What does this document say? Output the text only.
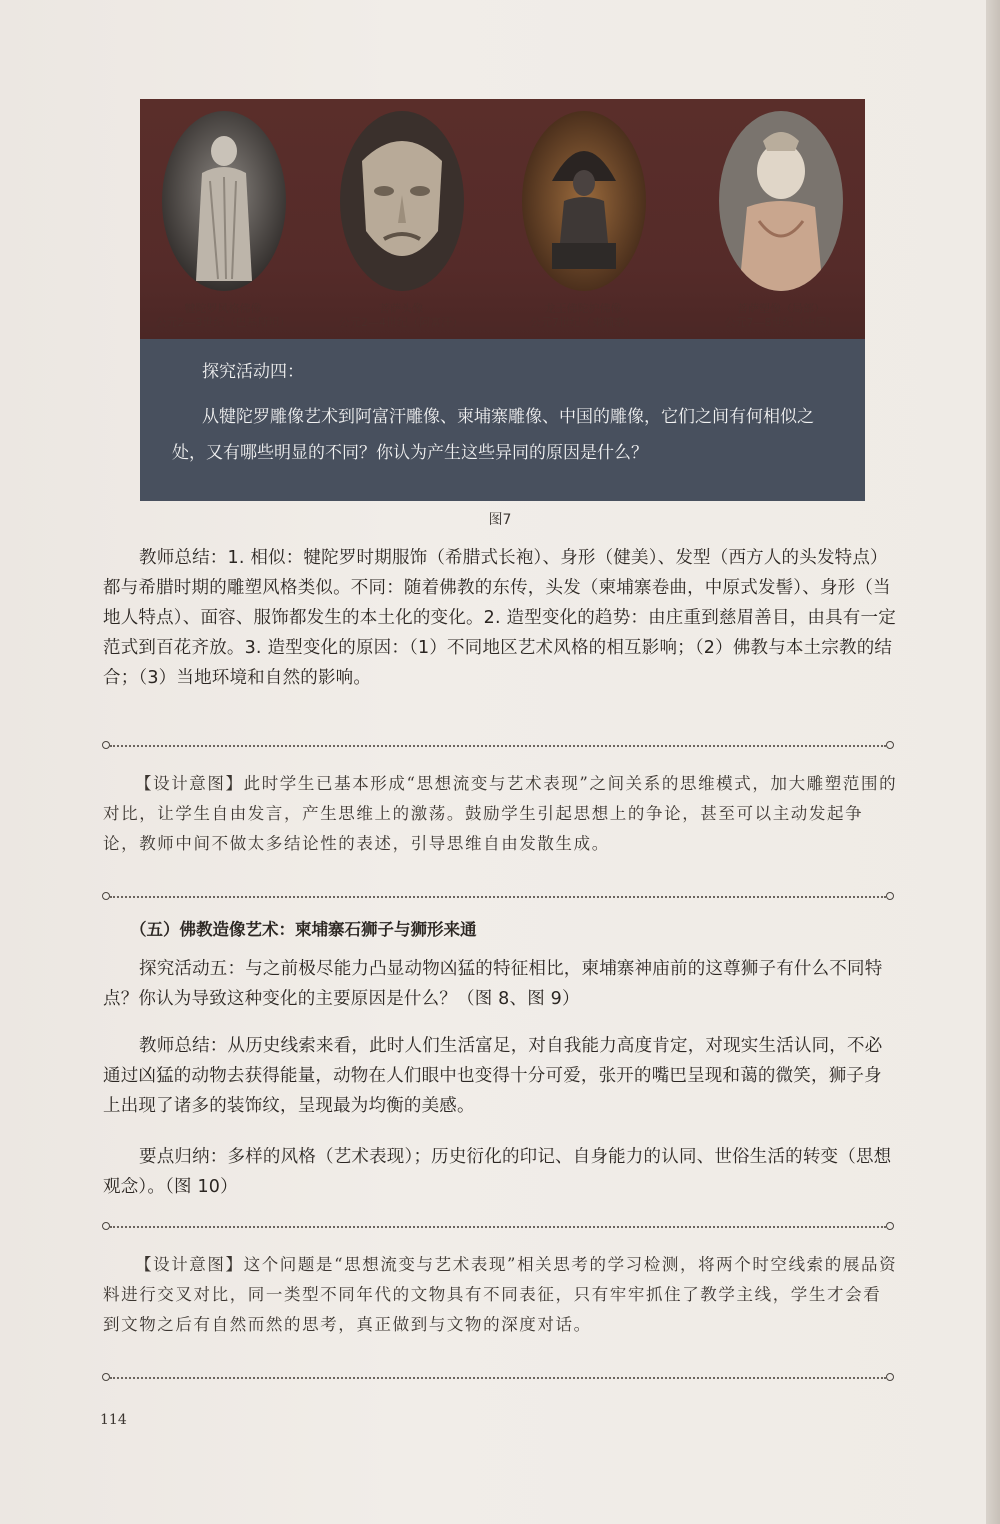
犍陀罗风格佛像
公元2—3世纪（巴基斯坦）
菩萨头像
公元2—4世纪（阿富汗）
龙王佛陀护佛像
公元7世纪（柬埔寨）
菩萨塑像（局部）
公元7—8世纪（中国）
探究活动四：
从犍陀罗雕像艺术到阿富汗雕像、柬埔寨雕像、中国的雕像，它们之间有何相似之处，又有哪些明显的不同？你认为产生这些异同的原因是什么？
图7
教师总结：1. 相似：犍陀罗时期服饰（希腊式长袍）、身形（健美）、发型（西方人的头发特点）都与希腊时期的雕塑风格类似。不同：随着佛教的东传，头发（柬埔寨卷曲，中原式发髻）、身形（当地人特点）、面容、服饰都发生的本土化的变化。2. 造型变化的趋势：由庄重到慈眉善目，由具有一定范式到百花齐放。3. 造型变化的原因：（1）不同地区艺术风格的相互影响；（2）佛教与本土宗教的结合；（3）当地环境和自然的影响。
【设计意图】此时学生已基本形成“思想流变与艺术表现”之间关系的思维模式，加大雕塑范围的对比，让学生自由发言，产生思维上的激荡。鼓励学生引起思想上的争论，甚至可以主动发起争论，教师中间不做太多结论性的表述，引导思维自由发散生成。
（五）佛教造像艺术：柬埔寨石狮子与狮形来通
探究活动五：与之前极尽能力凸显动物凶猛的特征相比，柬埔寨神庙前的这尊狮子有什么不同特点？你认为导致这种变化的主要原因是什么？（图 8、图 9）
教师总结：从历史线索来看，此时人们生活富足，对自我能力高度肯定，对现实生活认同，不必通过凶猛的动物去获得能量，动物在人们眼中也变得十分可爱，张开的嘴巴呈现和蔼的微笑，狮子身上出现了诸多的装饰纹，呈现最为均衡的美感。
要点归纳：多样的风格（艺术表现）；历史衍化的印记、自身能力的认同、世俗生活的转变（思想观念）。（图 10）
【设计意图】这个问题是“思想流变与艺术表现”相关思考的学习检测，将两个时空线索的展品资料进行交叉对比，同一类型不同年代的文物具有不同表征，只有牢牢抓住了教学主线，学生才会看到文物之后有自然而然的思考，真正做到与文物的深度对话。
114
